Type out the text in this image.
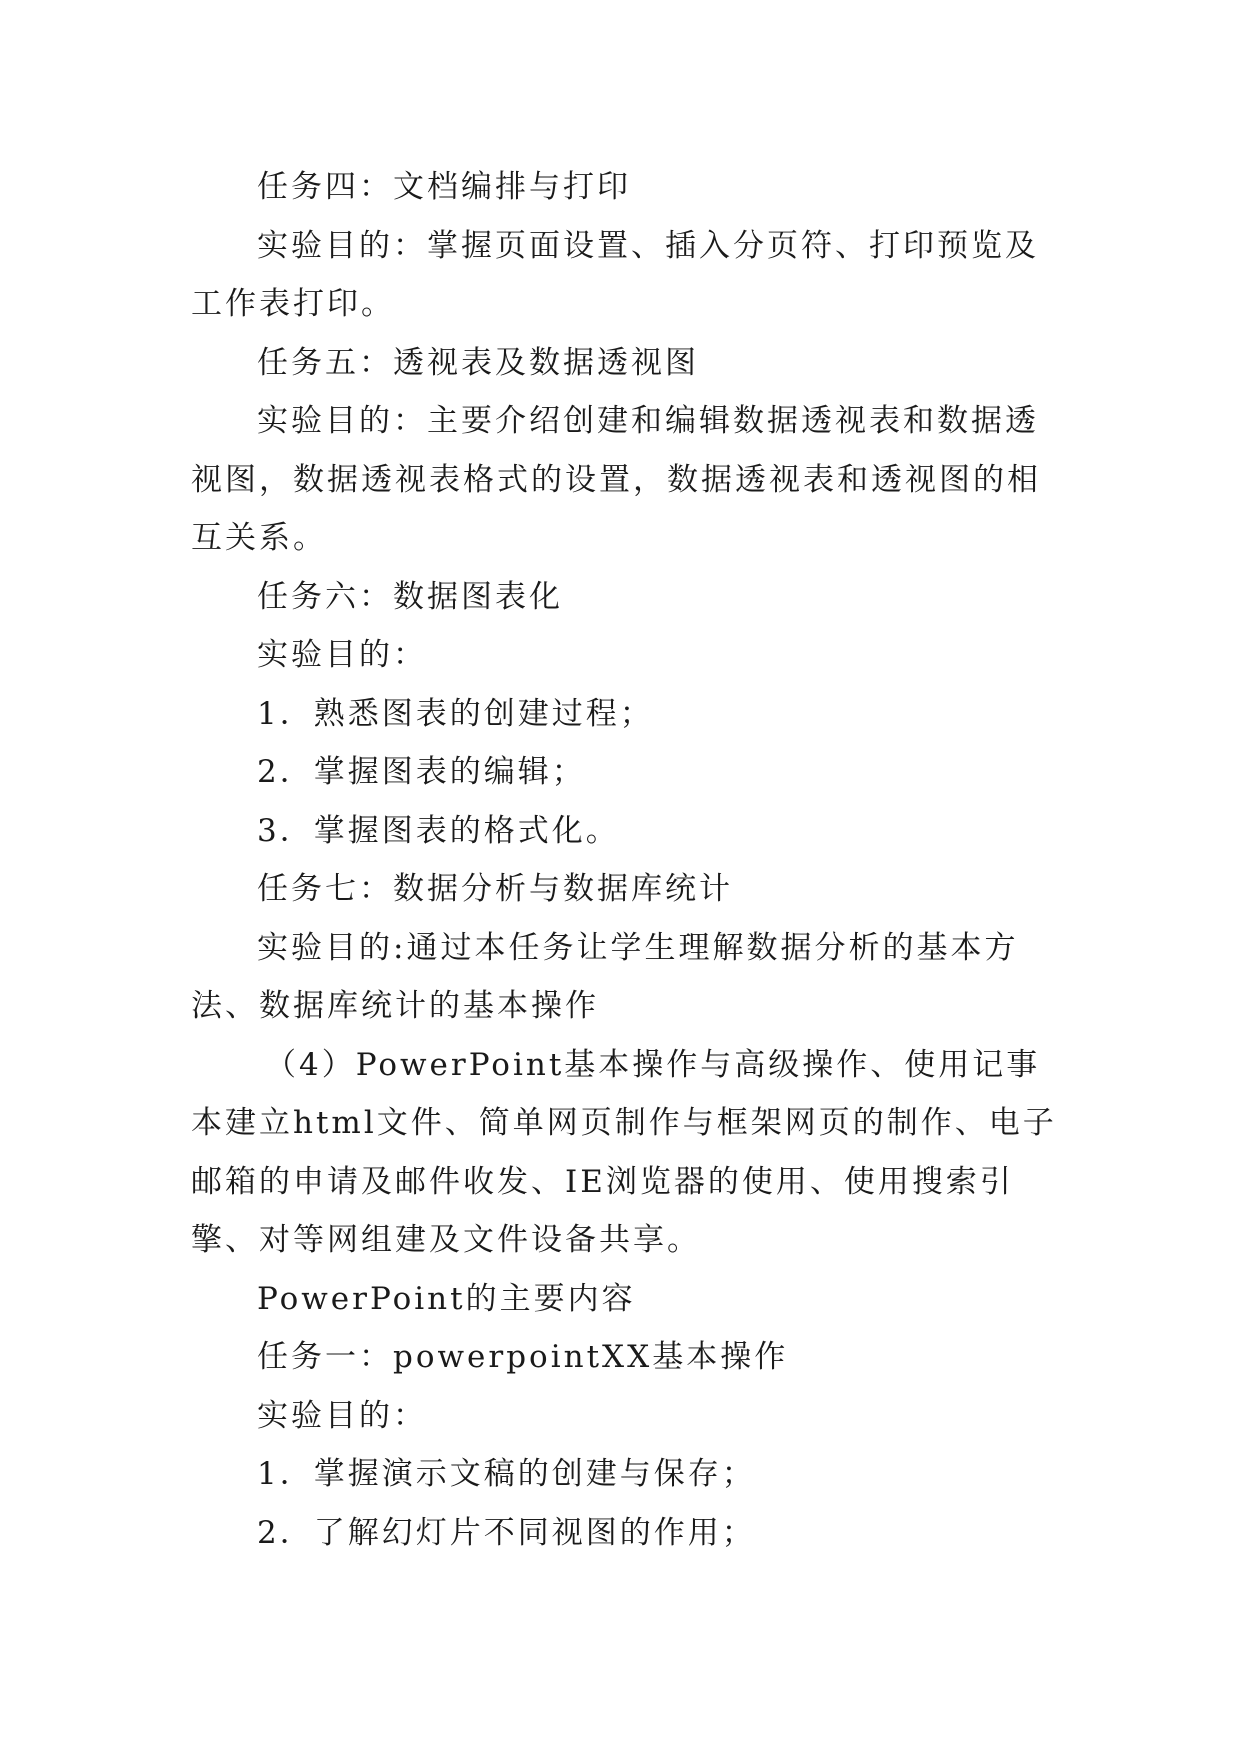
任务四：文档编排与打印

实验目的：掌握页面设置、插入分页符、打印预览及工作表打印。

任务五：透视表及数据透视图

实验目的：主要介绍创建和编辑数据透视表和数据透视图，数据透视表格式的设置，数据透视表和透视图的相互关系。

任务六：数据图表化

实验目的：

1．熟悉图表的创建过程；

2．掌握图表的编辑；

3．掌握图表的格式化。

任务七：数据分析与数据库统计

实验目的:通过本任务让学生理解数据分析的基本方法、数据库统计的基本操作

（4）PowerPoint基本操作与高级操作、使用记事本建立html文件、简单网页制作与框架网页的制作、电子邮箱的申请及邮件收发、IE浏览器的使用、使用搜索引擎、对等网组建及文件设备共享。

PowerPoint的主要内容

任务一：powerpointXX基本操作

实验目的：

1．掌握演示文稿的创建与保存；

2．了解幻灯片不同视图的作用；
